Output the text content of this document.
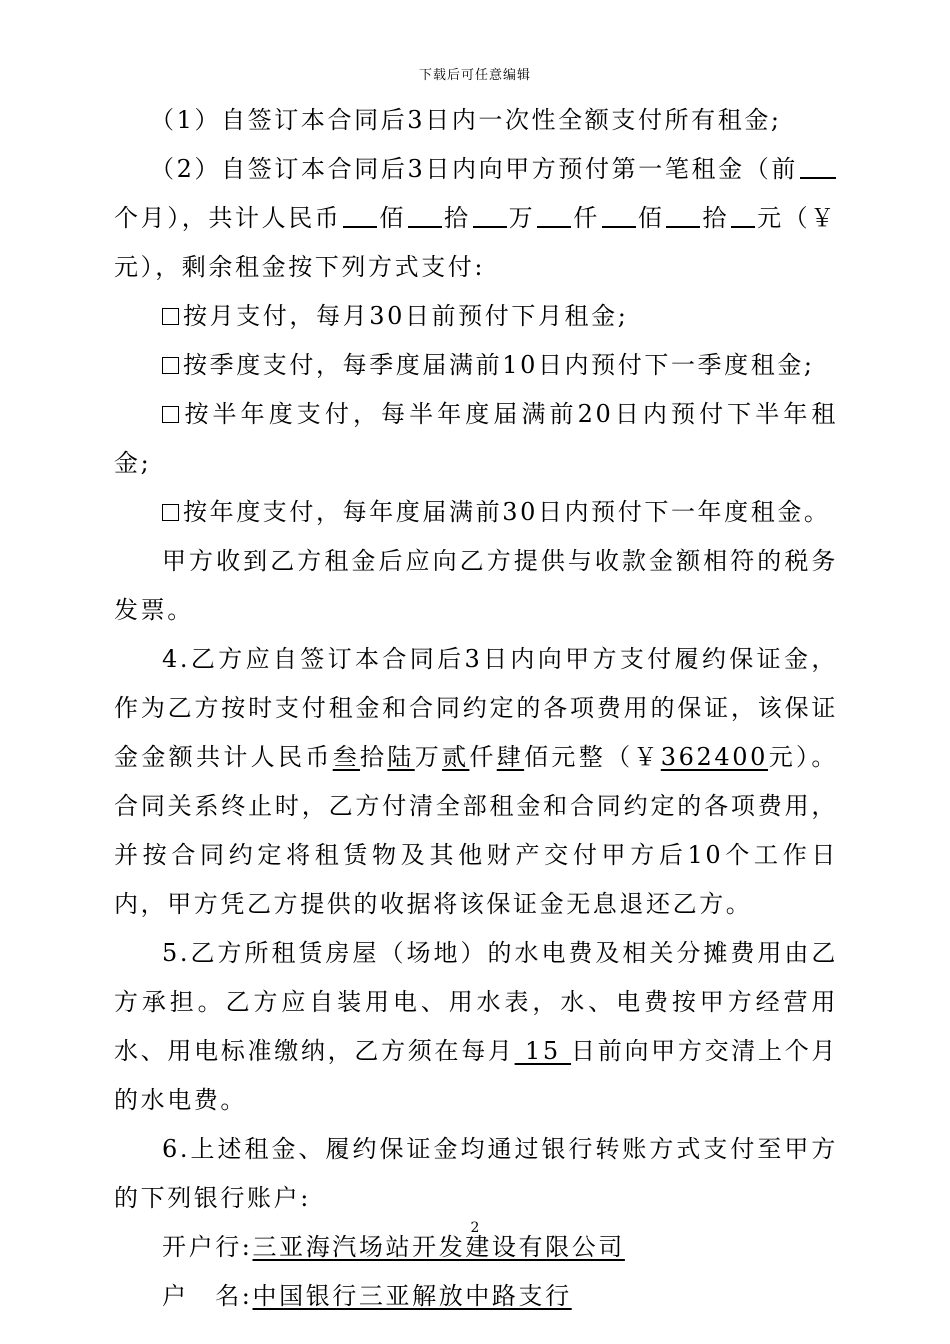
下载后可任意编辑

（1）自签订本合同后3日内一次性全额支付所有租金;

（2）自签订本合同后3日内向甲方预付第一笔租金（前个月），共计人民币 佰 拾 万 仟 佰 拾 元（￥
元），剩余租金按下列方式支付:

按月支付，每月30日前预付下月租金;

按季度支付，每季度届满前10日内预付下一季度租金;

按半年度支付，每半年度届满前20日内预付下半年租金;

按年度支付，每年度届满前30日内预付下一年度租金。

甲方收到乙方租金后应向乙方提供与收款金额相符的税务发票。

4.乙方应自签订本合同后3日内向甲方支付履约保证金，作为乙方按时支付租金和合同约定的各项费用的保证，该保证金金额共计人民币叁拾陆万贰仟肆佰元整（￥362400元）。合同关系终止时，乙方付清全部租金和合同约定的各项费用，并按合同约定将租赁物及其他财产交付甲方后10个工作日内，甲方凭乙方提供的收据将该保证金无息退还乙方。

5.乙方所租赁房屋（场地）的水电费及相关分摊费用由乙方承担。乙方应自装用电、用水表，水、电费按甲方经营用水、用电标准缴纳，乙方须在每月 15 日前向甲方交清上个月的水电费。

6.上述租金、履约保证金均通过银行转账方式支付至甲方的下列银行账户:

开户行:三亚海汽场站开发建设有限公司

户　名:中国银行三亚解放中路支行

2
